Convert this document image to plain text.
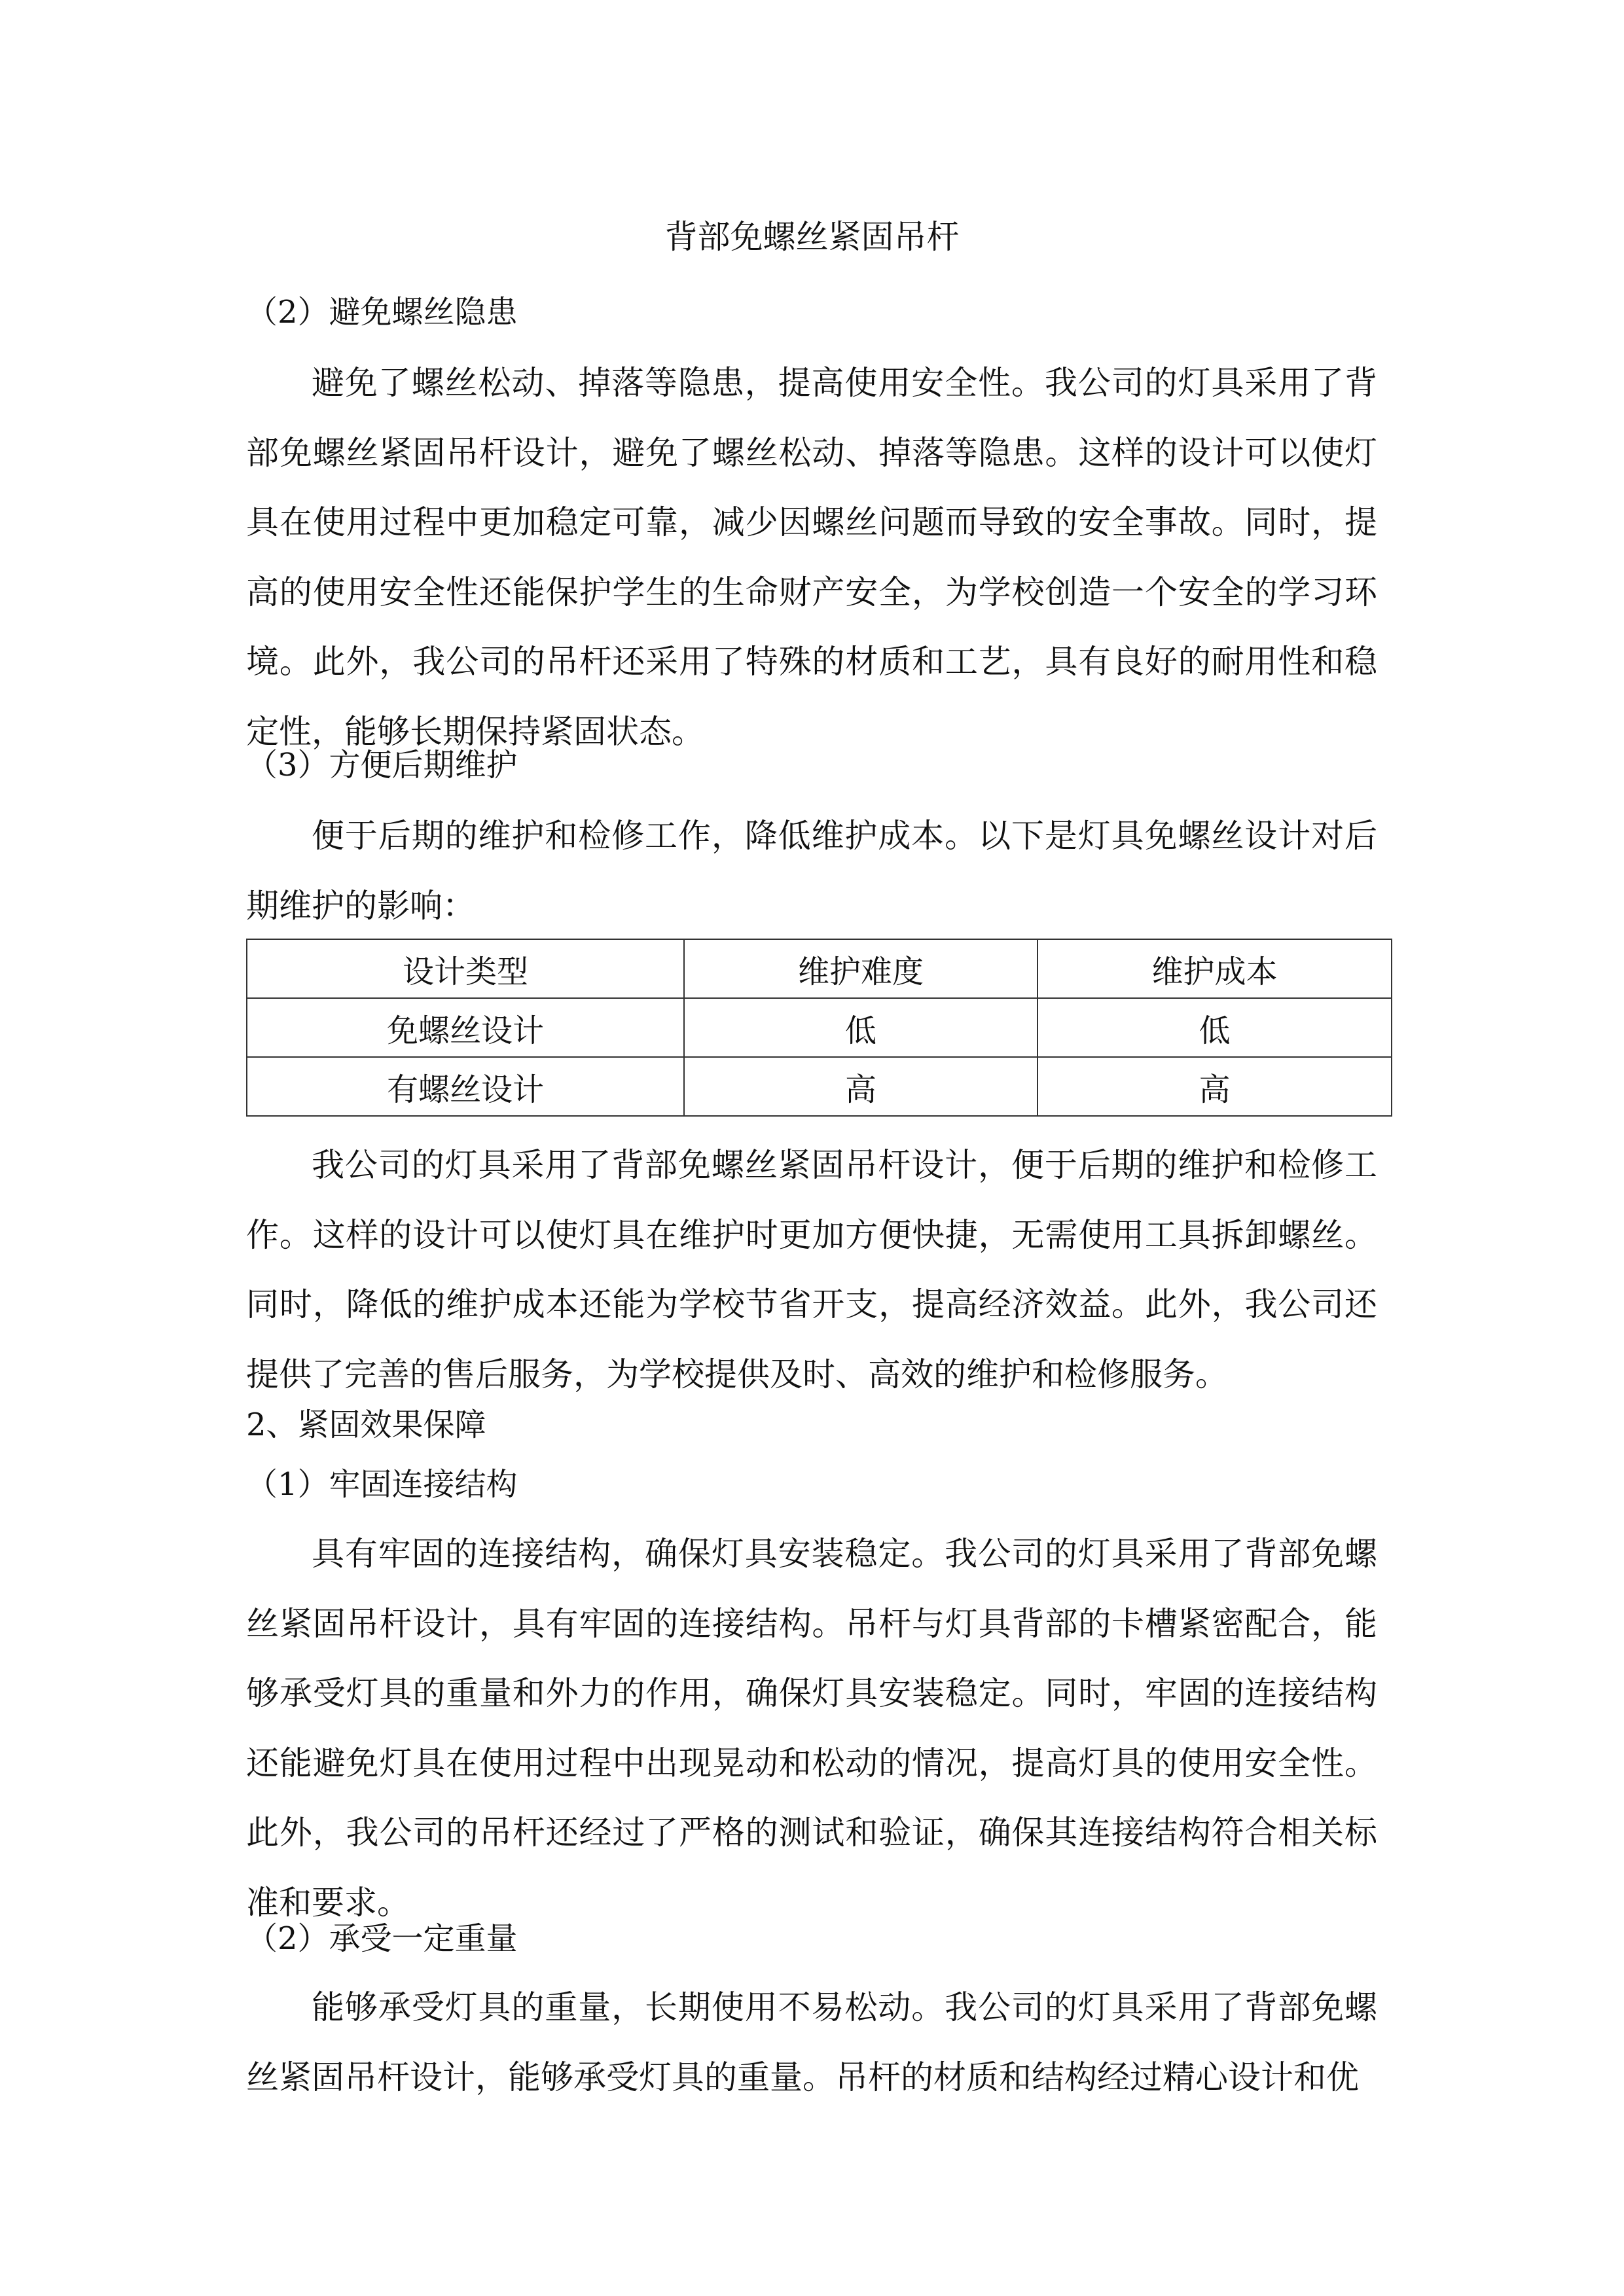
背部免螺丝紧固吊杆
（2）避免螺丝隐患

避免了螺丝松动、掉落等隐患，提高使用安全性。我公司的灯具采用了背部免螺丝紧固吊杆设计，避免了螺丝松动、掉落等隐患。这样的设计可以使灯具在使用过程中更加稳定可靠，减少因螺丝问题而导致的安全事故。同时，提高的使用安全性还能保护学生的生命财产安全，为学校创造一个安全的学习环境。此外，我公司的吊杆还采用了特殊的材质和工艺，具有良好的耐用性和稳定性，能够长期保持紧固状态。

（3）方便后期维护

便于后期的维护和检修工作，降低维护成本。以下是灯具免螺丝设计对后期维护的影响：

设计类型	维护难度	维护成本
免螺丝设计	低	低
有螺丝设计	高	高

我公司的灯具采用了背部免螺丝紧固吊杆设计，便于后期的维护和检修工作。这样的设计可以使灯具在维护时更加方便快捷，无需使用工具拆卸螺丝。同时，降低的维护成本还能为学校节省开支，提高经济效益。此外，我公司还提供了完善的售后服务，为学校提供及时、高效的维护和检修服务。

2、紧固效果保障
（1）牢固连接结构

具有牢固的连接结构，确保灯具安装稳定。我公司的灯具采用了背部免螺丝紧固吊杆设计，具有牢固的连接结构。吊杆与灯具背部的卡槽紧密配合，能够承受灯具的重量和外力的作用，确保灯具安装稳定。同时，牢固的连接结构还能避免灯具在使用过程中出现晃动和松动的情况，提高灯具的使用安全性。此外，我公司的吊杆还经过了严格的测试和验证，确保其连接结构符合相关标准和要求。

（2）承受一定重量

能够承受灯具的重量，长期使用不易松动。我公司的灯具采用了背部免螺丝紧固吊杆设计，能够承受灯具的重量。吊杆的材质和结构经过精心设计和优
